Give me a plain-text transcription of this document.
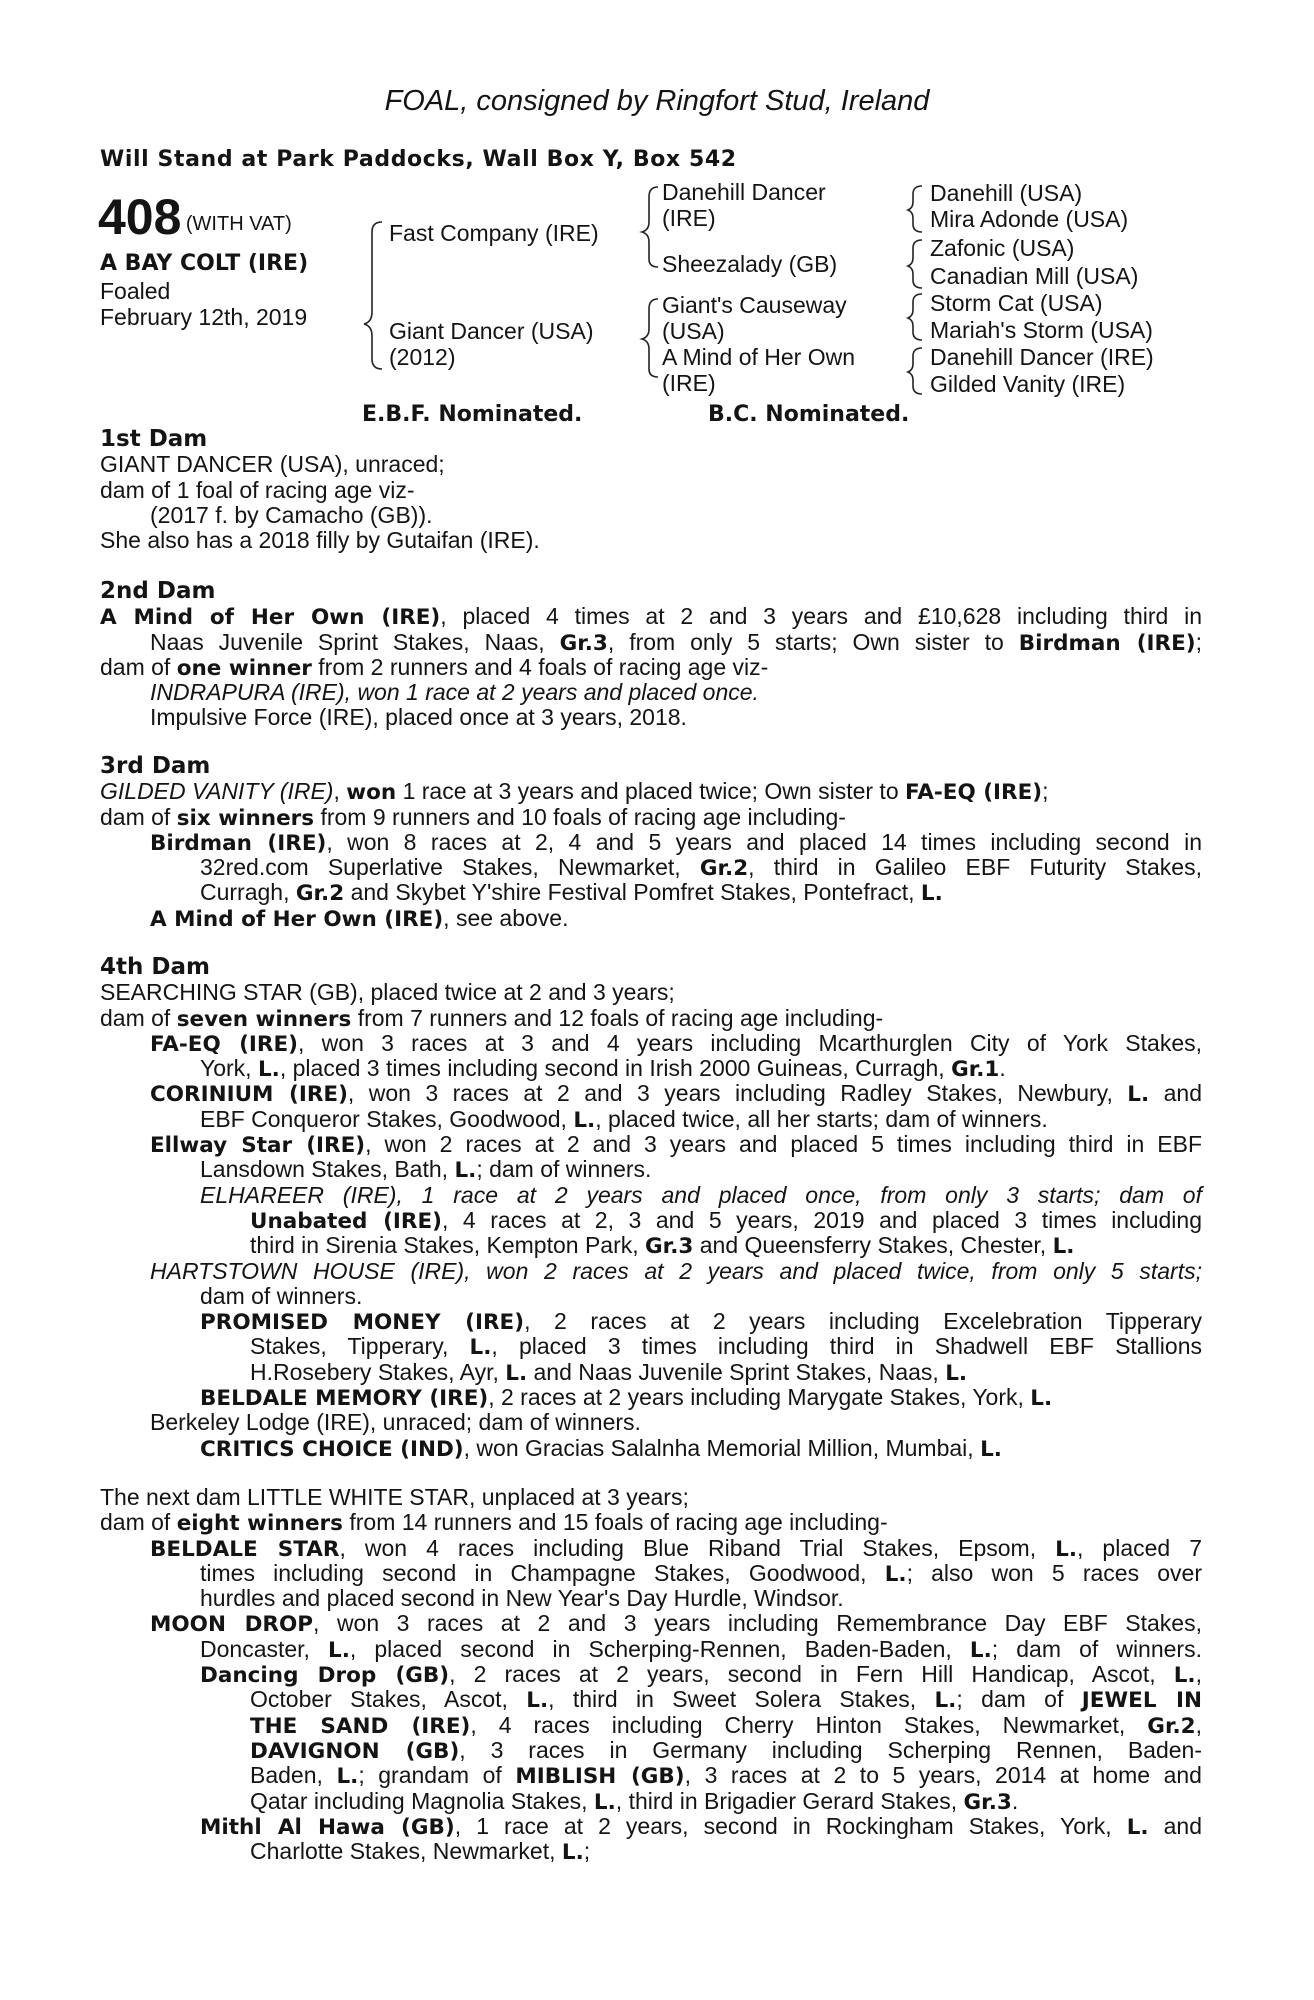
FOAL, consigned by Ringfort Stud, Ireland
Will Stand at Park Paddocks, Wall Box Y, Box 542
408 (WITH VAT)
A BAY COLT (IRE)
Foaled
February 12th, 2019
Fast Company (IRE)
Giant Dancer (USA)
(2012)
Danehill Dancer
(IRE)
Sheezalady (GB)
Giant's Causeway
(USA)
A Mind of Her Own
(IRE)
Danehill (USA)
Mira Adonde (USA)
Zafonic (USA)
Canadian Mill (USA)
Storm Cat (USA)
Mariah's Storm (USA)
Danehill Dancer (IRE)
Gilded Vanity (IRE)
E.B.F. Nominated.	B.C. Nominated.
1st Dam
GIANT DANCER (USA), unraced;
dam of 1 foal of racing age viz-
(2017 f. by Camacho (GB)).
She also has a 2018 filly by Gutaifan (IRE).
2nd Dam
A Mind of Her Own (IRE), placed 4 times at 2 and 3 years and £10,628 including third in
Naas Juvenile Sprint Stakes, Naas, Gr.3, from only 5 starts; Own sister to Birdman (IRE);
dam of one winner from 2 runners and 4 foals of racing age viz-
INDRAPURA (IRE), won 1 race at 2 years and placed once.
Impulsive Force (IRE), placed once at 3 years, 2018.
3rd Dam
GILDED VANITY (IRE), won 1 race at 3 years and placed twice; Own sister to FA-EQ (IRE);
dam of six winners from 9 runners and 10 foals of racing age including-
Birdman (IRE), won 8 races at 2, 4 and 5 years and placed 14 times including second in
32red.com Superlative Stakes, Newmarket, Gr.2, third in Galileo EBF Futurity Stakes,
Curragh, Gr.2 and Skybet Y'shire Festival Pomfret Stakes, Pontefract, L.
A Mind of Her Own (IRE), see above.
4th Dam
SEARCHING STAR (GB), placed twice at 2 and 3 years;
dam of seven winners from 7 runners and 12 foals of racing age including-
FA-EQ (IRE), won 3 races at 3 and 4 years including Mcarthurglen City of York Stakes,
York, L., placed 3 times including second in Irish 2000 Guineas, Curragh, Gr.1.
CORINIUM (IRE), won 3 races at 2 and 3 years including Radley Stakes, Newbury, L. and
EBF Conqueror Stakes, Goodwood, L., placed twice, all her starts; dam of winners.
Ellway Star (IRE), won 2 races at 2 and 3 years and placed 5 times including third in EBF
Lansdown Stakes, Bath, L.; dam of winners.
ELHAREER (IRE), 1 race at 2 years and placed once, from only 3 starts; dam of
Unabated (IRE), 4 races at 2, 3 and 5 years, 2019 and placed 3 times including
third in Sirenia Stakes, Kempton Park, Gr.3 and Queensferry Stakes, Chester, L.
HARTSTOWN HOUSE (IRE), won 2 races at 2 years and placed twice, from only 5 starts;
dam of winners.
PROMISED MONEY (IRE), 2 races at 2 years including Excelebration Tipperary
Stakes, Tipperary, L., placed 3 times including third in Shadwell EBF Stallions
H.Rosebery Stakes, Ayr, L. and Naas Juvenile Sprint Stakes, Naas, L.
BELDALE MEMORY (IRE), 2 races at 2 years including Marygate Stakes, York, L.
Berkeley Lodge (IRE), unraced; dam of winners.
CRITICS CHOICE (IND), won Gracias Salalnha Memorial Million, Mumbai, L.
The next dam LITTLE WHITE STAR, unplaced at 3 years;
dam of eight winners from 14 runners and 15 foals of racing age including-
BELDALE STAR, won 4 races including Blue Riband Trial Stakes, Epsom, L., placed 7
times including second in Champagne Stakes, Goodwood, L.; also won 5 races over
hurdles and placed second in New Year's Day Hurdle, Windsor.
MOON DROP, won 3 races at 2 and 3 years including Remembrance Day EBF Stakes,
Doncaster, L., placed second in Scherping-Rennen, Baden-Baden, L.; dam of winners.
Dancing Drop (GB), 2 races at 2 years, second in Fern Hill Handicap, Ascot, L.,
October Stakes, Ascot, L., third in Sweet Solera Stakes, L.; dam of JEWEL IN
THE SAND (IRE), 4 races including Cherry Hinton Stakes, Newmarket, Gr.2,
DAVIGNON (GB), 3 races in Germany including Scherping Rennen, Baden-
Baden, L.; grandam of MIBLISH (GB), 3 races at 2 to 5 years, 2014 at home and
Qatar including Magnolia Stakes, L., third in Brigadier Gerard Stakes, Gr.3.
Mithl Al Hawa (GB), 1 race at 2 years, second in Rockingham Stakes, York, L. and
Charlotte Stakes, Newmarket, L.;
